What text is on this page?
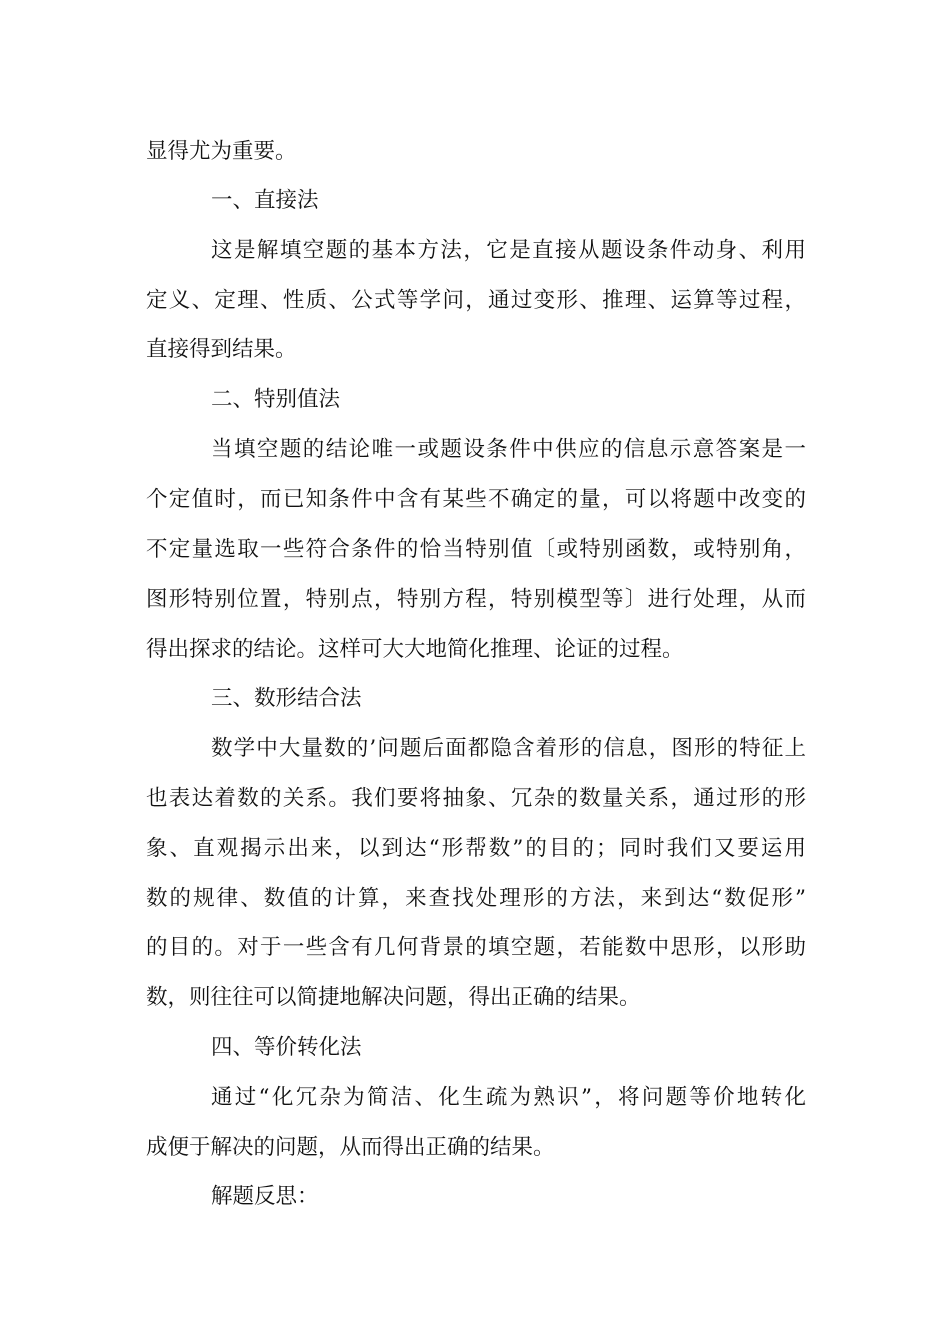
显得尤为重要。
一、直接法
这是解填空题的基本方法，它是直接从题设条件动身、利用
定义、定理、性质、公式等学问，通过变形、推理、运算等过程，
直接得到结果。
二、特别值法
当填空题的结论唯一或题设条件中供应的信息示意答案是一
个定值时，而已知条件中含有某些不确定的量，可以将题中改变的
不定量选取一些符合条件的恰当特别值〔或特别函数，或特别角，
图形特别位置，特别点，特别方程，特别模型等〕进行处理，从而
得出探求的结论。这样可大大地简化推理、论证的过程。
三、数形结合法
数学中大量数的’问题后面都隐含着形的信息，图形的特征上
也表达着数的关系。我们要将抽象、冗杂的数量关系，通过形的形
象、直观揭示出来，以到达“形帮数”的目的；同时我们又要运用
数的规律、数值的计算，来查找处理形的方法，来到达“数促形”
的目的。对于一些含有几何背景的填空题，若能数中思形，以形助
数，则往往可以简捷地解决问题，得出正确的结果。
四、等价转化法
通过“化冗杂为简洁、化生疏为熟识”，将问题等价地转化
成便于解决的问题，从而得出正确的结果。
解题反思：
